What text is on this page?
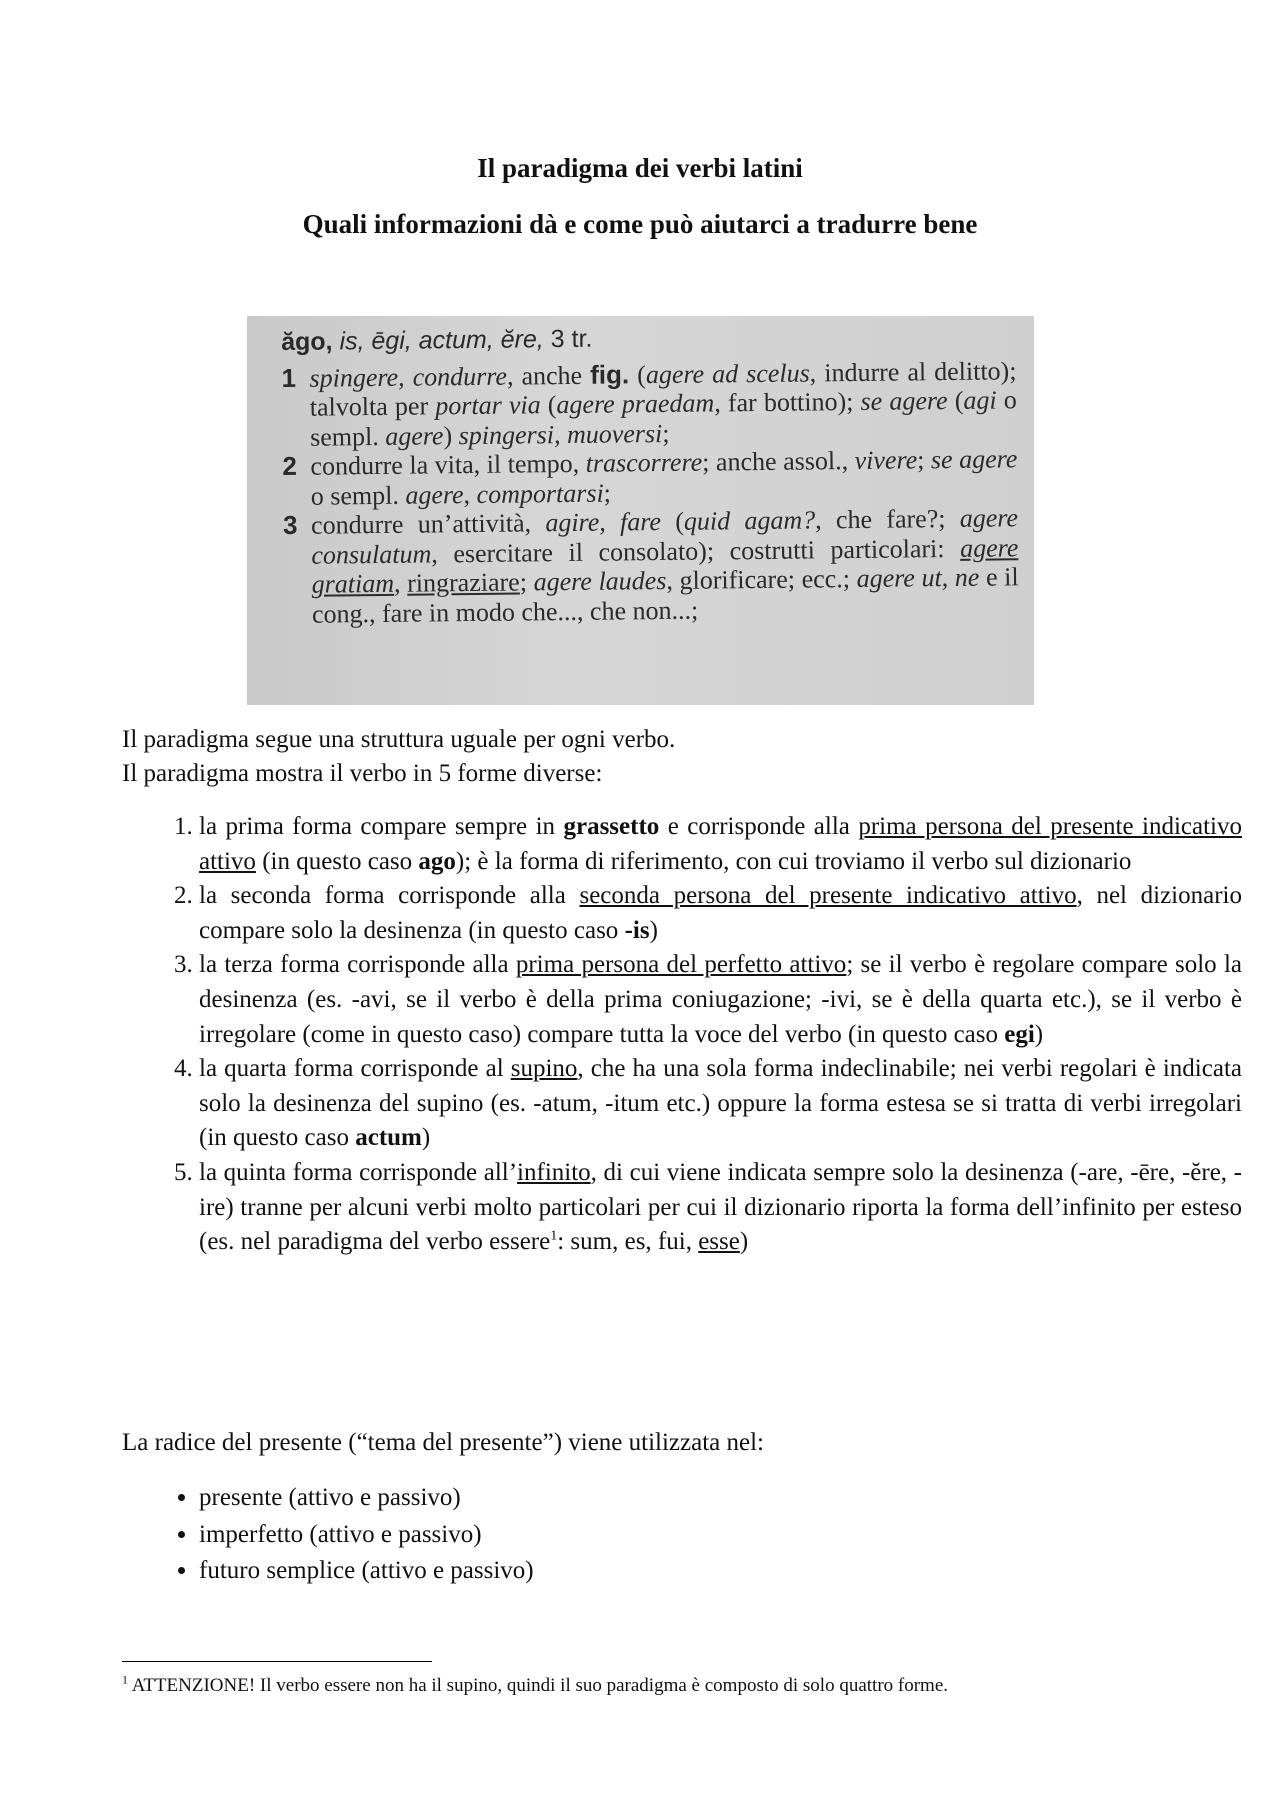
Il paradigma dei verbi latini
Quali informazioni dà e come può aiutarci a tradurre bene
ăgo, is, ēgi, actum, ĕre, 3 tr.
1 spingere, condurre, anche fig. (agere ad scelus, indurre al delitto); talvolta per portar via (agere praedam, far bottino); se agere (agi o sempl. agere) spingersi, muoversi;
2 condurre la vita, il tempo, trascorrere; anche assol., vivere; se agere o sempl. agere, comportarsi;
3 condurre un’attività, agire, fare (quid agam?, che fare?; agere consulatum, esercitare il consolato); costrutti particolari: agere gratiam, ringraziare; agere laudes, glorificare; ecc.; agere ut, ne e il cong., fare in modo che..., che non...;
Il paradigma segue una struttura uguale per ogni verbo.
Il paradigma mostra il verbo in 5 forme diverse:
1. la prima forma compare sempre in grassetto e corrisponde alla prima persona del presente indicativo attivo (in questo caso ago); è la forma di riferimento, con cui troviamo il verbo sul dizionario
2. la seconda forma corrisponde alla seconda persona del presente indicativo attivo, nel dizionario compare solo la desinenza (in questo caso -is)
3. la terza forma corrisponde alla prima persona del perfetto attivo; se il verbo è regolare compare solo la desinenza (es. -avi, se il verbo è della prima coniugazione; -ivi, se è della quarta etc.), se il verbo è irregolare (come in questo caso) compare tutta la voce del verbo (in questo caso egi)
4. la quarta forma corrisponde al supino, che ha una sola forma indeclinabile; nei verbi regolari è indicata solo la desinenza del supino (es. -atum, -itum etc.) oppure la forma estesa se si tratta di verbi irregolari (in questo caso actum)
5. la quinta forma corrisponde all’infinito, di cui viene indicata sempre solo la desinenza (-are, -ēre, -ĕre, -ire) tranne per alcuni verbi molto particolari per cui il dizionario riporta la forma dell’infinito per esteso (es. nel paradigma del verbo essere$^1$: sum, es, fui, esse)
La radice del presente (“tema del presente”) viene utilizzata nel:
• presente (attivo e passivo)
• imperfetto (attivo e passivo)
• futuro semplice (attivo e passivo)
$^1$ ATTENZIONE! Il verbo essere non ha il supino, quindi il suo paradigma è composto di solo quattro forme.
